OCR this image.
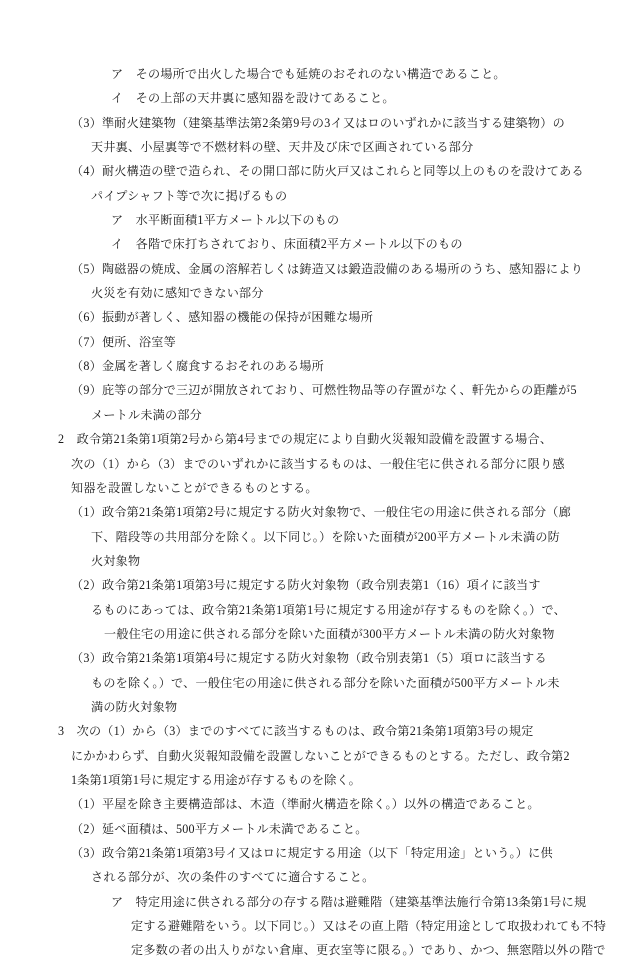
ア　その場所で出火した場合でも延焼のおそれのない構造であること。
イ　その上部の天井裏に感知器を設けてあること。
（3）準耐火建築物（建築基準法第2条第9号の3イ又はロのいずれかに該当する建築物）の
天井裏、小屋裏等で不燃材料の壁、天井及び床で区画されている部分
（4）耐火構造の壁で造られ、その開口部に防火戸又はこれらと同等以上のものを設けてある
パイプシャフト等で次に掲げるもの
ア　水平断面積1平方メートル以下のもの
イ　各階で床打ちされており、床面積2平方メートル以下のもの
（5）陶磁器の焼成、金属の溶解若しくは鋳造又は鍛造設備のある場所のうち、感知器により
火災を有効に感知できない部分
（6）振動が著しく、感知器の機能の保持が困難な場所
（7）便所、浴室等
（8）金属を著しく腐食するおそれのある場所
（9）庇等の部分で三辺が開放されており、可燃性物品等の存置がなく、軒先からの距離が5
メートル未満の部分
2　政令第21条第1項第2号から第4号までの規定により自動火災報知設備を設置する場合、
次の（1）から（3）までのいずれかに該当するものは、一般住宅に供される部分に限り感
知器を設置しないことができるものとする。
（1）政令第21条第1項第2号に規定する防火対象物で、一般住宅の用途に供される部分（廊
下、階段等の共用部分を除く。以下同じ。）を除いた面積が200平方メートル未満の防
火対象物
（2）政令第21条第1項第3号に規定する防火対象物（政令別表第1（16）項イに該当す
るものにあっては、政令第21条第1項第1号に規定する用途が存するものを除く。）で、
一般住宅の用途に供される部分を除いた面積が300平方メートル未満の防火対象物
（3）政令第21条第1項第4号に規定する防火対象物（政令別表第1（5）項ロに該当する
ものを除く。）で、一般住宅の用途に供される部分を除いた面積が500平方メートル未
満の防火対象物
3　次の（1）から（3）までのすべてに該当するものは、政令第21条第1項第3号の規定
にかかわらず、自動火災報知設備を設置しないことができるものとする。ただし、政令第2
1条第1項第1号に規定する用途が存するものを除く。
（1）平屋を除き主要構造部は、木造（準耐火構造を除く。）以外の構造であること。
（2）延べ面積は、500平方メートル未満であること。
（3）政令第21条第1項第3号イ又はロに規定する用途（以下「特定用途」という。）に供
される部分が、次の条件のすべてに適合すること。
ア　特定用途に供される部分の存する階は避難階（建築基準法施行令第13条第1号に規
定する避難階をいう。以下同じ。）又はその直上階（特定用途として取扱われても不特
定多数の者の出入りがない倉庫、更衣室等に限る。）であり、かつ、無窓階以外の階で
